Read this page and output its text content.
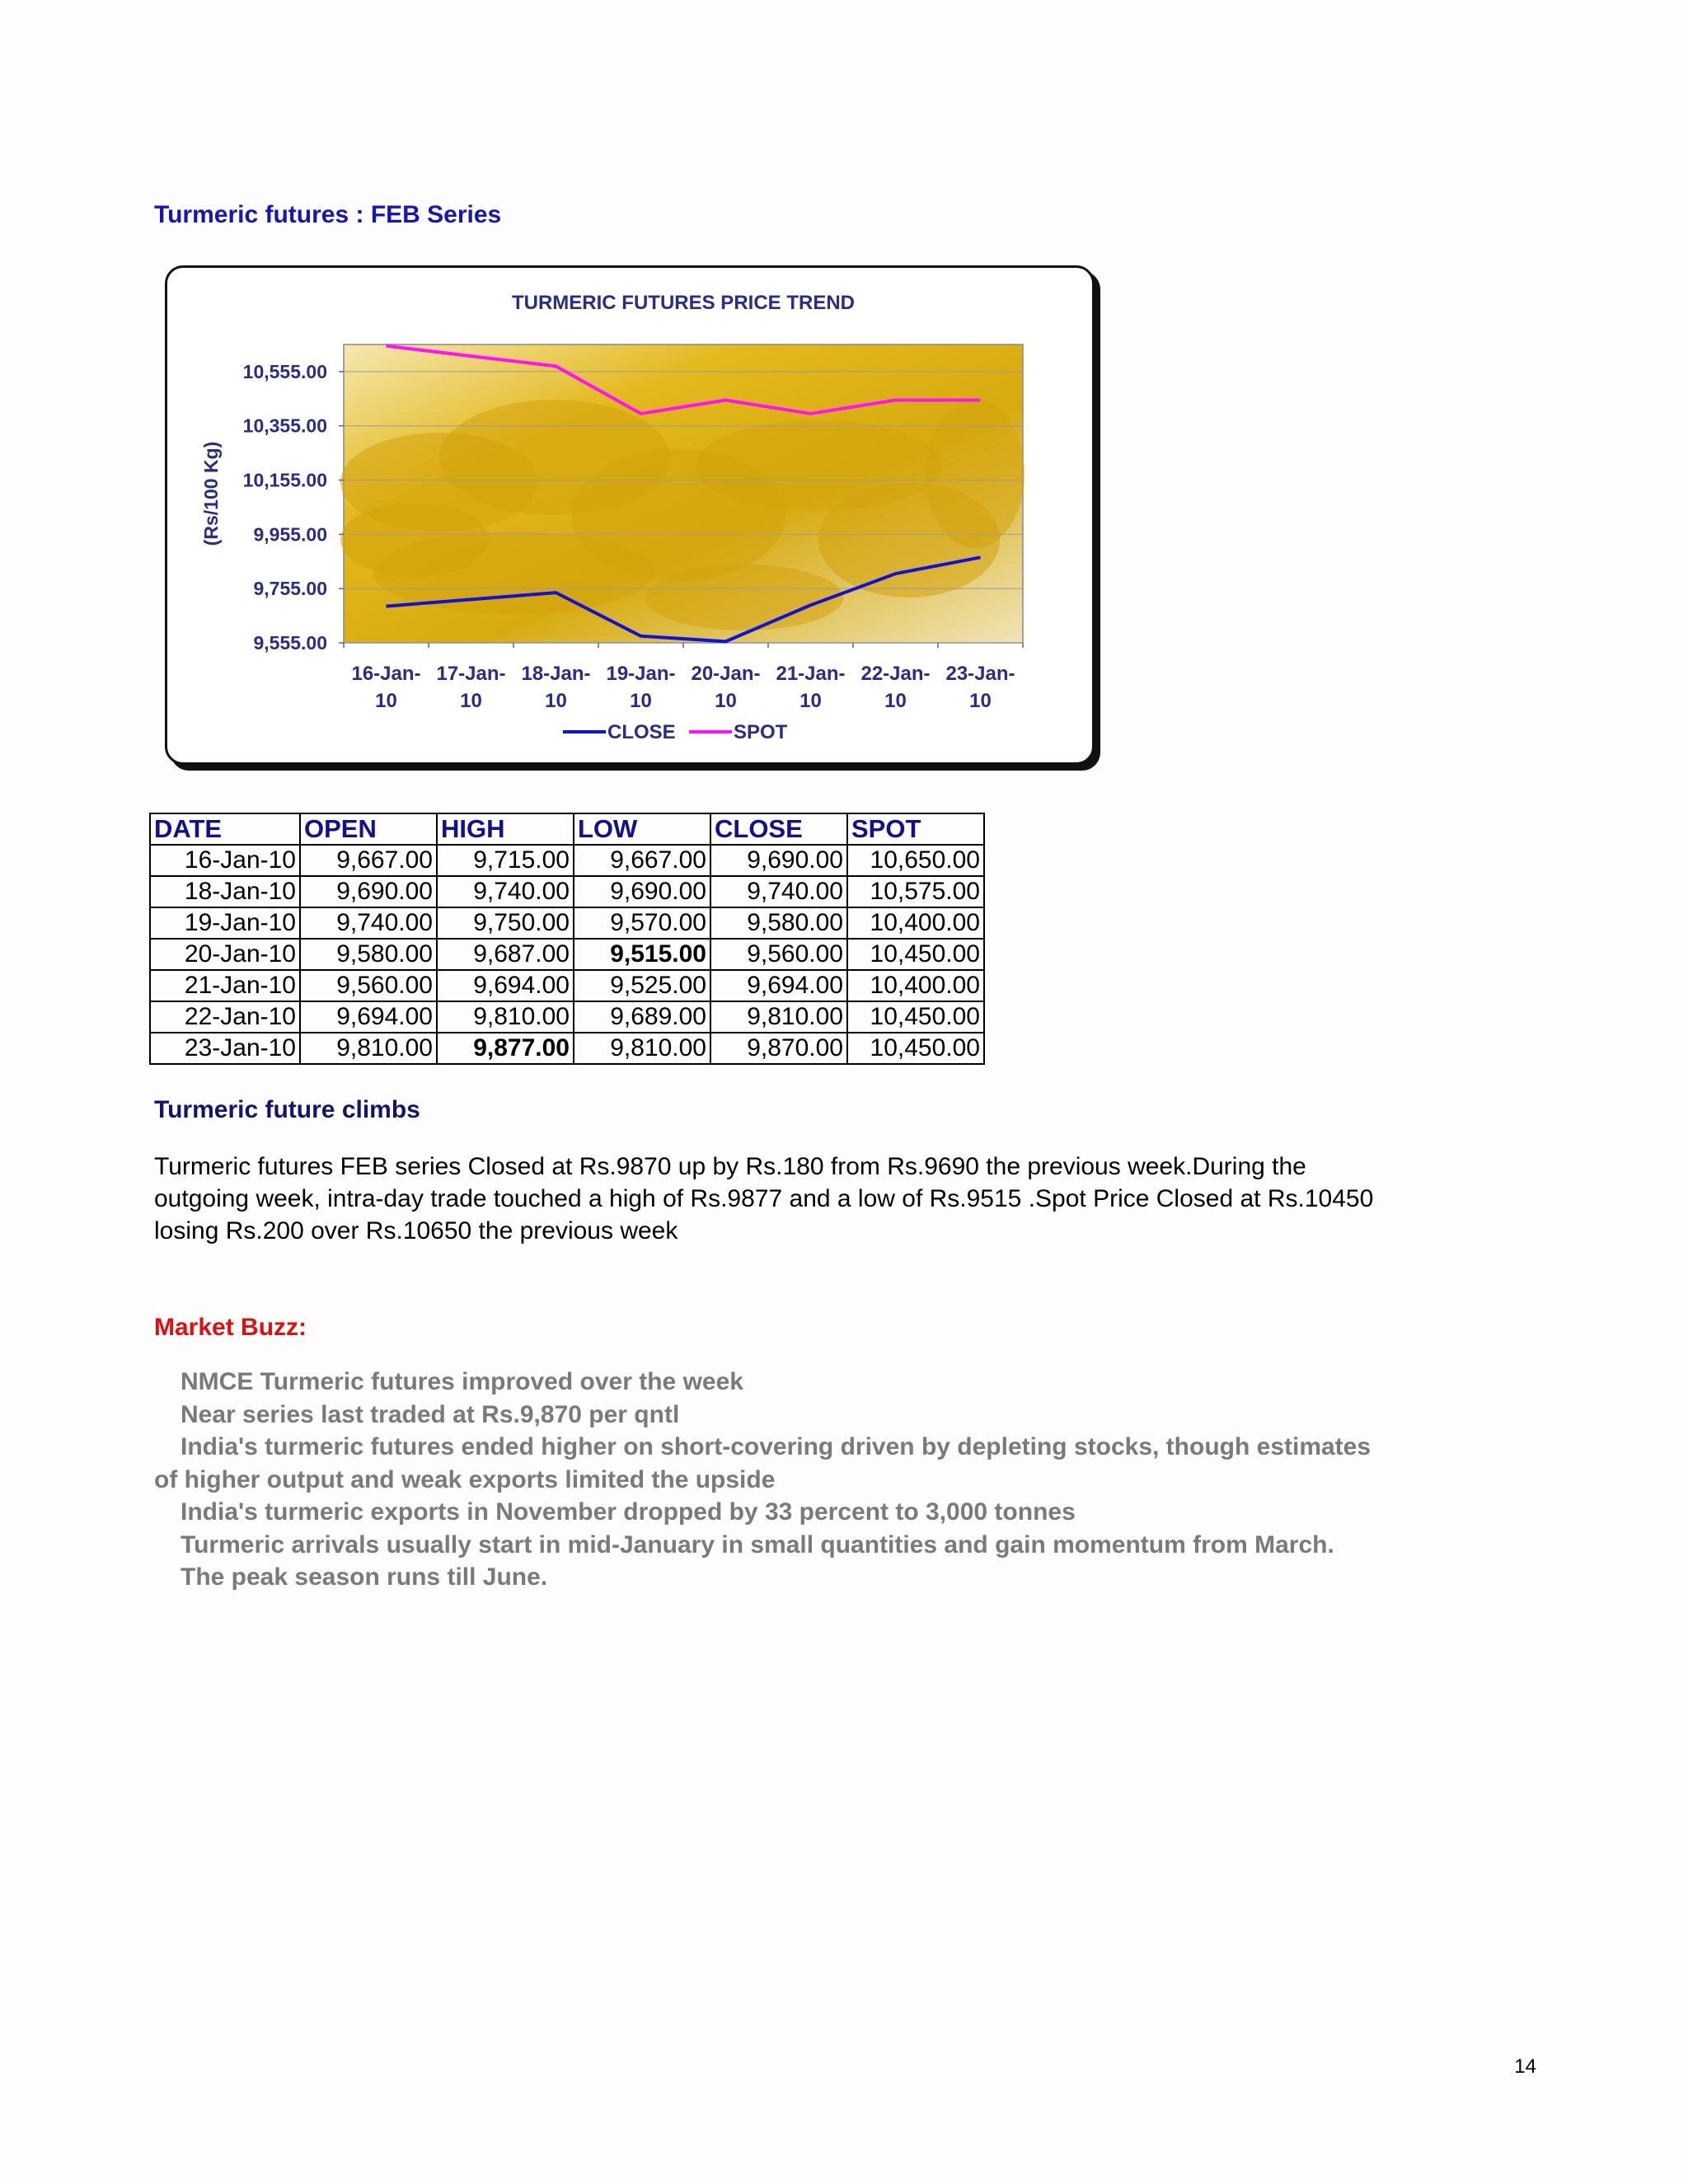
Turmeric futures : FEB Series
TURMERIC FUTURES PRICE TREND
9,555.00
9,755.00
9,955.00
10,155.00
10,355.00
10,555.00
(Rs/100 Kg)
16-Jan-
10
17-Jan-
10
18-Jan-
10
19-Jan-
10
20-Jan-
10
21-Jan-
10
22-Jan-
10
23-Jan-
10
CLOSE	SPOT
DATE	OPEN	HIGH	LOW	CLOSE	SPOT
16-Jan-10	9,667.00	9,715.00	9,667.00	9,690.00	10,650.00
18-Jan-10	9,690.00	9,740.00	9,690.00	9,740.00	10,575.00
19-Jan-10	9,740.00	9,750.00	9,570.00	9,580.00	10,400.00
20-Jan-10	9,580.00	9,687.00	9,515.00	9,560.00	10,450.00
21-Jan-10	9,560.00	9,694.00	9,525.00	9,694.00	10,400.00
22-Jan-10	9,694.00	9,810.00	9,689.00	9,810.00	10,450.00
23-Jan-10	9,810.00	9,877.00	9,810.00	9,870.00	10,450.00
Turmeric future climbs
Turmeric futures FEB series Closed at Rs.9870 up by Rs.180 from Rs.9690 the previous week.During the outgoing week, intra-day trade touched a high of Rs.9877 and a low of Rs.9515 .Spot Price Closed at Rs.10450 losing Rs.200 over Rs.10650 the previous week
Market Buzz:
NMCE Turmeric futures improved over the week
Near series last traded at Rs.9,870 per qntl
India's turmeric futures ended higher on short-covering driven by depleting stocks, though estimates of higher output and weak exports limited the upside
India's turmeric exports in November dropped by 33 percent to 3,000 tonnes
Turmeric arrivals usually start in mid-January in small quantities and gain momentum from March.
The peak season runs till June.
14
